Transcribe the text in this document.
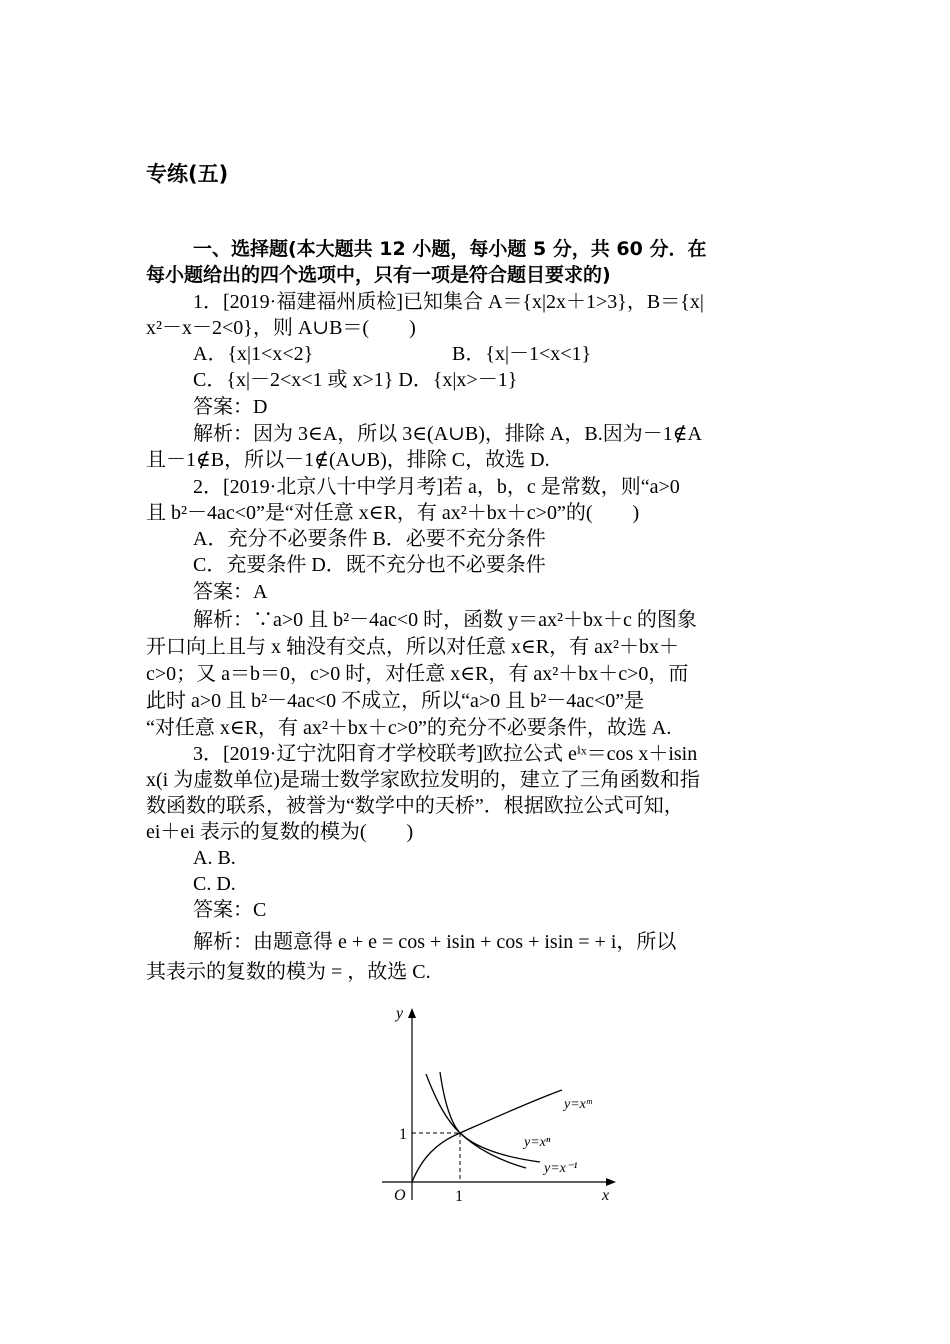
专练(五)
一、选择题(本大题共 12 小题，每小题 5 分，共 60 分．在
每小题给出的四个选项中，只有一项是符合题目要求的)
1．[2019·福建福州质检]已知集合 A＝{x|2x＋1>3}，B＝{x|
x²－x－2<0}，则 A∪B＝(　　)
A．{x|1<x<2}	B．{x|－1<x<1}
C．{x|－2<x<1 或 x>1} D．{x|x>－1}
答案：D
解析：因为 3∈A，所以 3∈(A∪B)，排除 A，B.因为－1∉A
且－1∉B，所以－1∉(A∪B)，排除 C，故选 D.
2．[2019·北京八十中学月考]若 a，b，c 是常数，则“a>0
且 b²－4ac<0”是“对任意 x∈R，有 ax²＋bx＋c>0”的(　　)
A．充分不必要条件 B．必要不充分条件
C．充要条件 D．既不充分也不必要条件
答案：A
解析：∵a>0 且 b²－4ac<0 时，函数 y＝ax²＋bx＋c 的图象
开口向上且与 x 轴没有交点，所以对任意 x∈R，有 ax²＋bx＋
c>0；又 a＝b＝0，c>0 时，对任意 x∈R，有 ax²＋bx＋c>0，而
此时 a>0 且 b²－4ac<0 不成立，所以“a>0 且 b²－4ac<0”是
“对任意 x∈R，有 ax²＋bx＋c>0”的充分不必要条件，故选 A.
3．[2019·辽宁沈阳育才学校联考]欧拉公式 eⁱˣ＝cos x＋isin
x(i 为虚数单位)是瑞士数学家欧拉发明的，建立了三角函数和指
数函数的联系，被誉为“数学中的天桥”．根据欧拉公式可知，
ei＋ei 表示的复数的模为(　　)
A. B.
C. D.
答案：C
解析：由题意得 e + e = cos + isin + cos + isin = + i，所以
其表示的复数的模为 = ，故选 C.
y
x
O	1
1
y=xᵐ
y=xⁿ
y=x⁻¹
